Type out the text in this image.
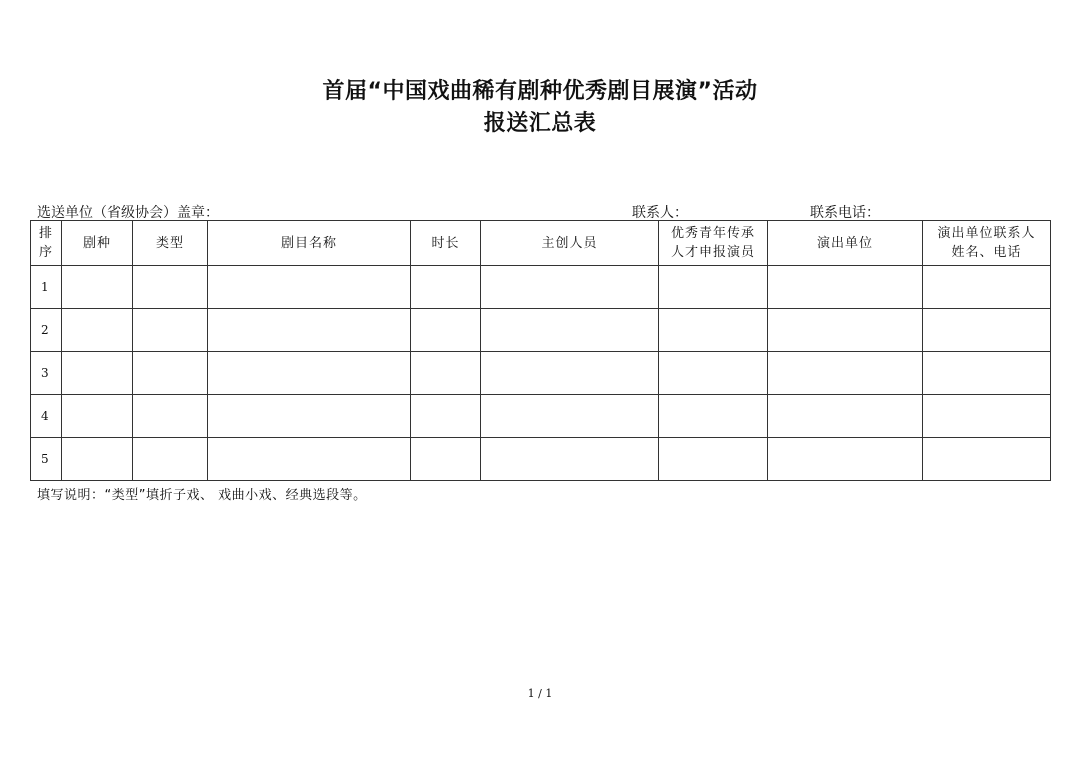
首届“中国戏曲稀有剧种优秀剧目展演”活动
报送汇总表
选送单位（省级协会）盖章：	联系人：	联系电话：
排序	剧种	类型	剧目名称	时长	主创人员	优秀青年传承人才申报演员	演出单位	演出单位联系人姓名、电话

1								
2								
3								
4								
5								
填写说明：“类型”填折子戏、 戏曲小戏、经典选段等。
1 / 1
